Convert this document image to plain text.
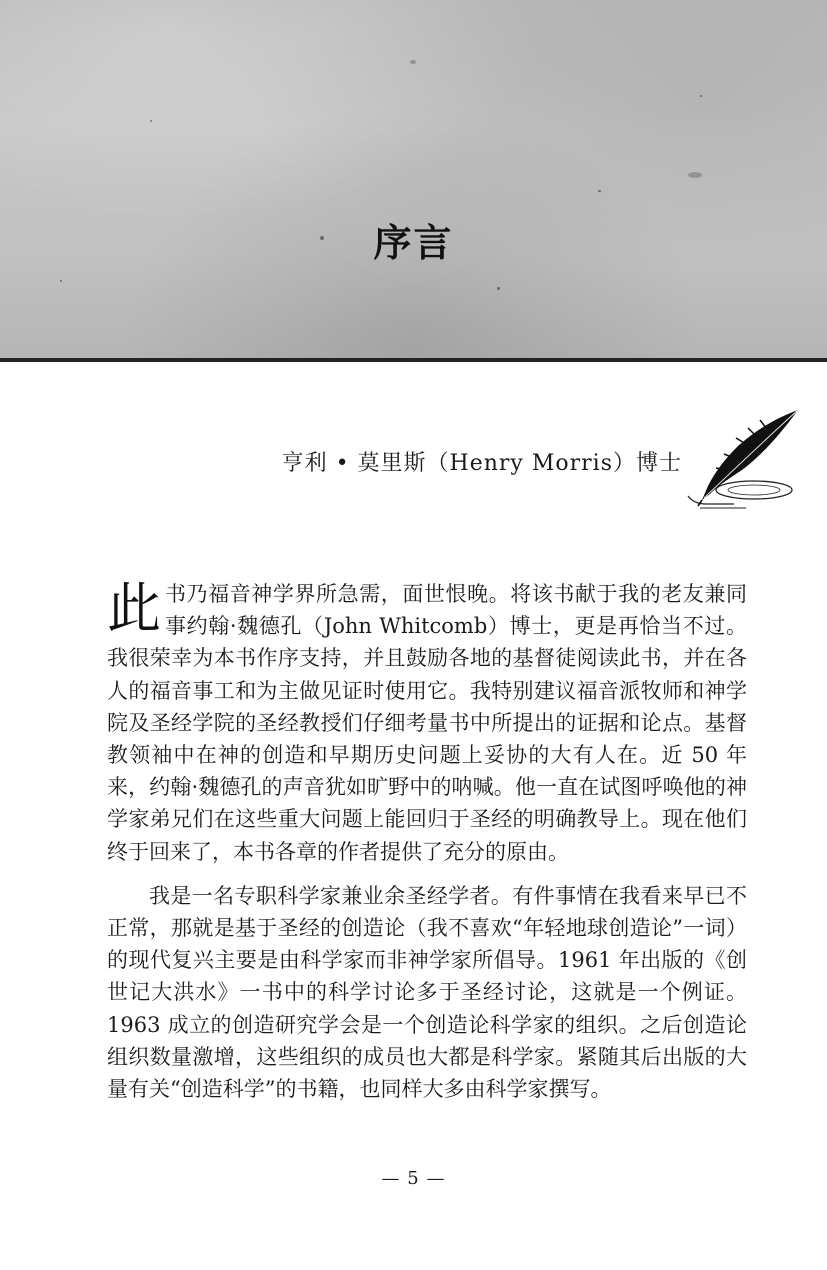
序言
亨利 • 莫里斯（Henry Morris）博士

此书乃福音神学界所急需，面世恨晚。将该书献于我的老友兼同事约翰·魏德孔（John Whitcomb）博士，更是再恰当不过。我很荣幸为本书作序支持，并且鼓励各地的基督徒阅读此书，并在各人的福音事工和为主做见证时使用它。我特别建议福音派牧师和神学院及圣经学院的圣经教授们仔细考量书中所提出的证据和论点。基督教领袖中在神的创造和早期历史问题上妥协的大有人在。近 50 年来，约翰·魏德孔的声音犹如旷野中的呐喊。他一直在试图呼唤他的神学家弟兄们在这些重大问题上能回归于圣经的明确教导上。现在他们终于回来了，本书各章的作者提供了充分的原由。

我是一名专职科学家兼业余圣经学者。有件事情在我看来早已不正常，那就是基于圣经的创造论（我不喜欢“年轻地球创造论”一词）的现代复兴主要是由科学家而非神学家所倡导。1961 年出版的《创世记大洪水》一书中的科学讨论多于圣经讨论，这就是一个例证。1963 成立的创造研究学会是一个创造论科学家的组织。之后创造论组织数量激增，这些组织的成员也大都是科学家。紧随其后出版的大量有关“创造科学”的书籍，也同样大多由科学家撰写。

— 5 —
